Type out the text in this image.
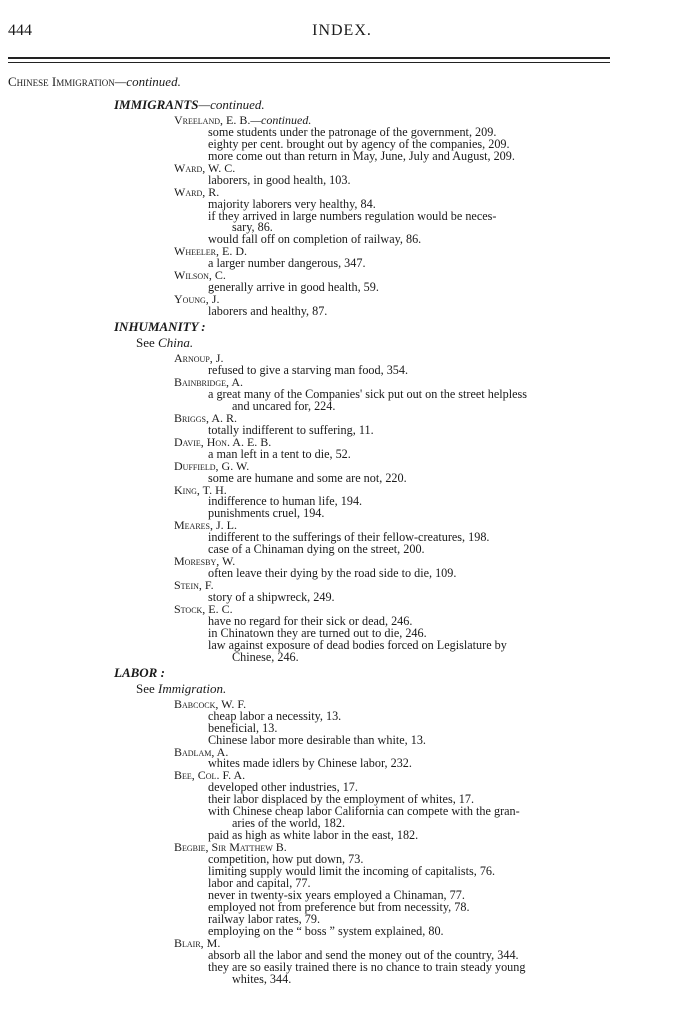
444	INDEX.
Chinese Immigration—continued.
IMMIGRANTS—continued.
Vreeland, E. B.—continued.
some students under the patronage of the government, 209.
eighty per cent. brought out by agency of the companies, 209.
more come out than return in May, June, July and August, 209.
Ward, W. C.
laborers, in good health, 103.
Ward, R.
majority laborers very healthy, 84.
if they arrived in large numbers regulation would be neces-
sary, 86.
would fall off on completion of railway, 86.
Wheeler, E. D.
a larger number dangerous, 347.
Wilson, C.
generally arrive in good health, 59.
Young, J.
laborers and healthy, 87.
INHUMANITY :
See China.
Arnoup, J.
refused to give a starving man food, 354.
Bainbridge, A.
a great many of the Companies' sick put out on the street helpless
and uncared for, 224.
Briggs, A. R.
totally indifferent to suffering, 11.
Davie, Hon. A. E. B.
a man left in a tent to die, 52.
Duffield, G. W.
some are humane and some are not, 220.
King, T. H.
indifference to human life, 194.
punishments cruel, 194.
Meares, J. L.
indifferent to the sufferings of their fellow-creatures, 198.
case of a Chinaman dying on the street, 200.
Moresby, W.
often leave their dying by the road side to die, 109.
Stein, F.
story of a shipwreck, 249.
Stock, E. C.
have no regard for their sick or dead, 246.
in Chinatown they are turned out to die, 246.
law against exposure of dead bodies forced on Legislature by
Chinese, 246.
LABOR :
See Immigration.
Babcock, W. F.
cheap labor a necessity, 13.
beneficial, 13.
Chinese labor more desirable than white, 13.
Badlam, A.
whites made idlers by Chinese labor, 232.
Bee, Col. F. A.
developed other industries, 17.
their labor displaced by the employment of whites, 17.
with Chinese cheap labor California can compete with the gran-
aries of the world, 182.
paid as high as white labor in the east, 182.
Begbie, Sir Matthew B.
competition, how put down, 73.
limiting supply would limit the incoming of capitalists, 76.
labor and capital, 77.
never in twenty-six years employed a Chinaman, 77.
employed not from preference but from necessity, 78.
railway labor rates, 79.
employing on the “ boss ” system explained, 80.
Blair, M.
absorb all the labor and send the money out of the country, 344.
they are so easily trained there is no chance to train steady young
whites, 344.
